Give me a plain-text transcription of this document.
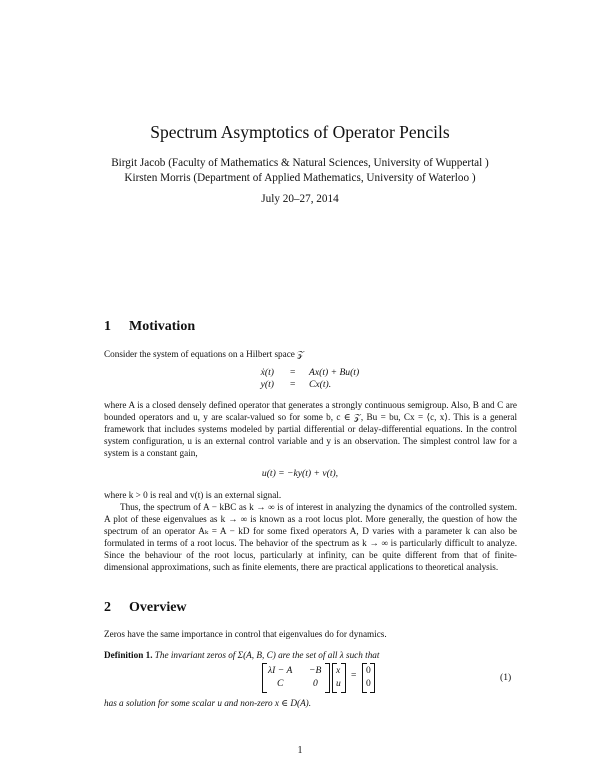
Spectrum Asymptotics of Operator Pencils
Birgit Jacob (Faculty of Mathematics & Natural Sciences, University of Wuppertal )
Kirsten Morris (Department of Applied Mathematics, University of Waterloo )
July 20–27, 2014
1 Motivation

Consider the system of equations on a Hilbert space 𝒵

ẋ(t) = Ax(t) + Bu(t)
y(t) = Cx(t).

where A is a closed densely defined operator that generates a strongly continuous semigroup. Also, B and C are bounded operators and u, y are scalar-valued so for some b, c ∈ 𝒵, Bu = bu, Cx = ⟨c, x⟩. This is a general framework that includes systems modeled by partial differential or delay-differential equations. In the control system configuration, u is an external control variable and y is an observation. The simplest control law for a system is a constant gain,

u(t) = −ky(t) + v(t),

where k > 0 is real and v(t) is an external signal.

Thus, the spectrum of A − kBC as k → ∞ is of interest in analyzing the dynamics of the controlled system. A plot of these eigenvalues as k → ∞ is known as a root locus plot. More generally, the question of how the spectrum of an operator Aₖ = A − kD for some fixed operators A, D varies with a parameter k can also be formulated in terms of a root locus. The behavior of the spectrum as k → ∞ is particularly difficult to analyze. Since the behaviour of the root locus, particularly at infinity, can be quite different from that of finite-dimensional approximations, such as finite elements, there are practical applications to theoretical analysis.

2 Overview

Zeros have the same importance in control that eigenvalues do for dynamics.

Definition 1. The invariant zeros of Σ(A, B, C) are the set of all λ such that

λI − A −B
C	0
x
u
= 0
0
(1)

has a solution for some scalar u and non-zero x ∈ D(A).

1
